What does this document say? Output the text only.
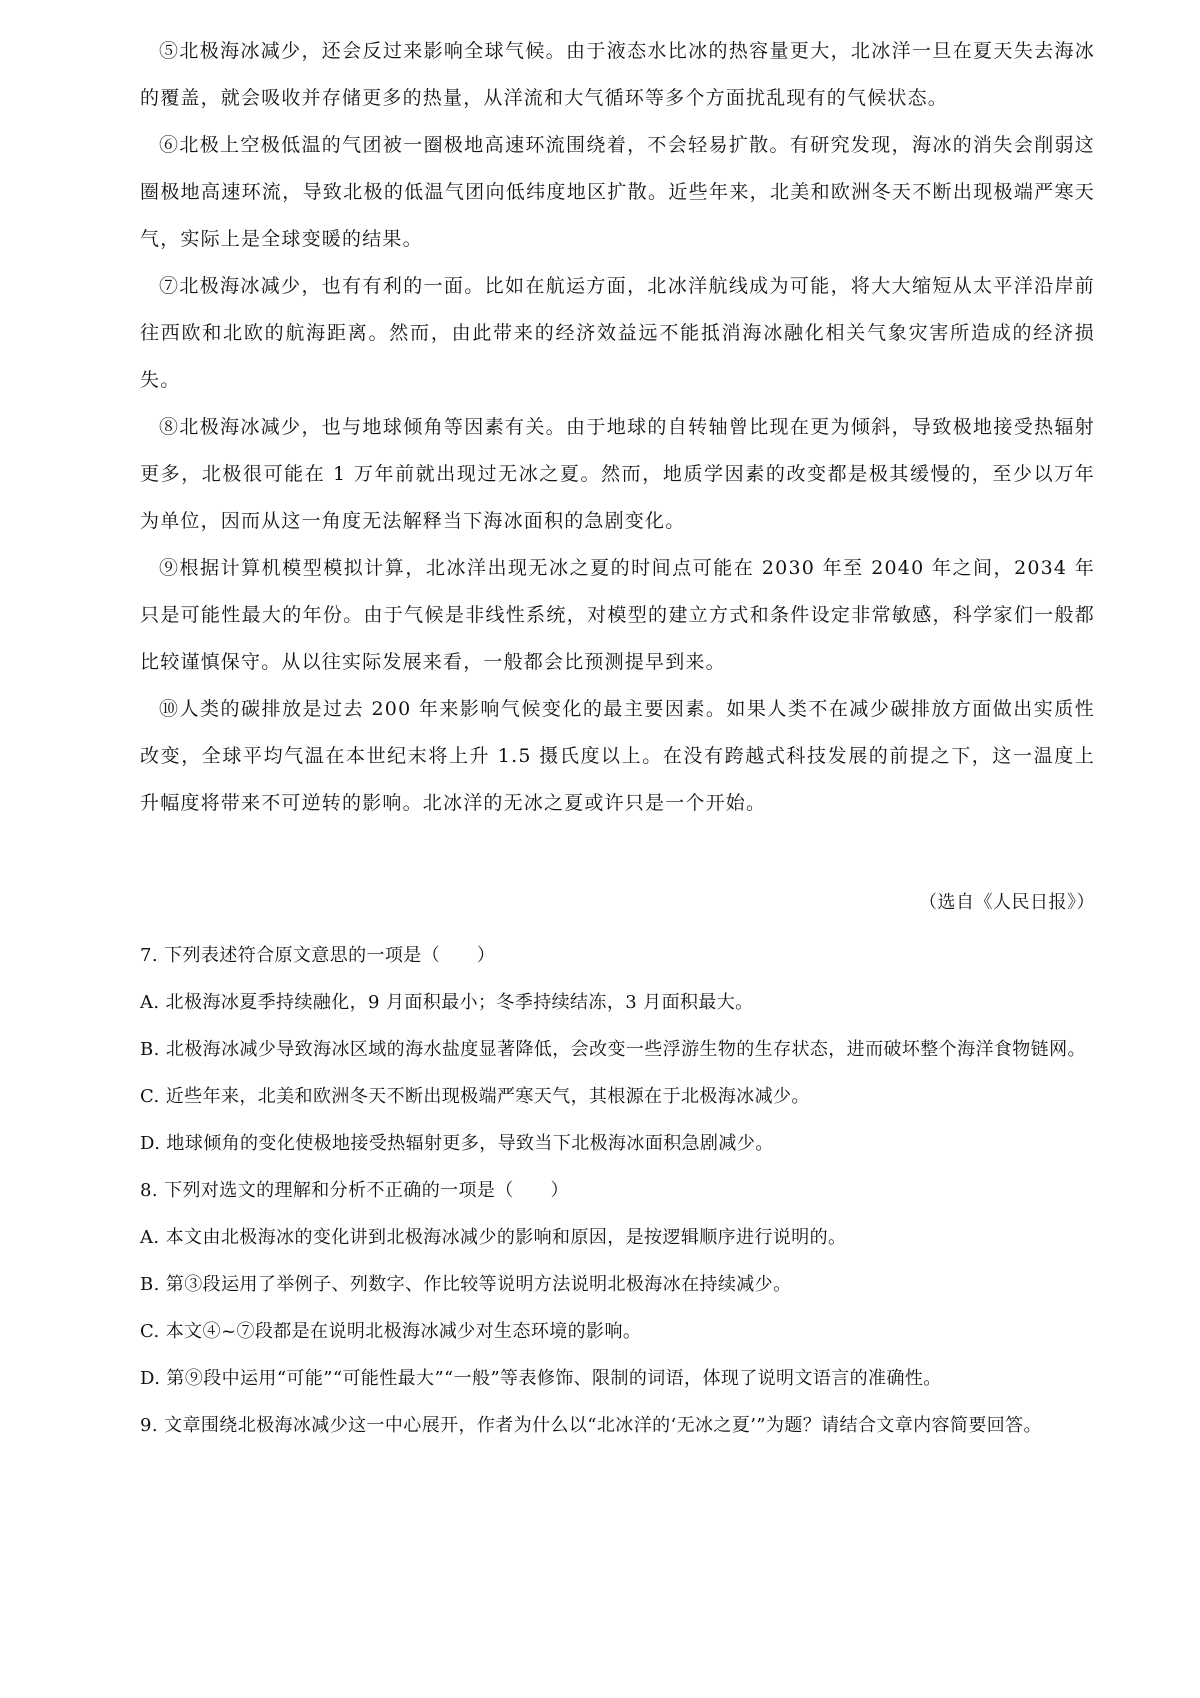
⑤北极海冰减少，还会反过来影响全球气候。由于液态水比冰的热容量更大，北冰洋一旦在夏天失去海冰的覆盖，就会吸收并存储更多的热量，从洋流和大气循环等多个方面扰乱现有的气候状态。

⑥北极上空极低温的气团被一圈极地高速环流围绕着，不会轻易扩散。有研究发现，海冰的消失会削弱这圈极地高速环流，导致北极的低温气团向低纬度地区扩散。近些年来，北美和欧洲冬天不断出现极端严寒天气，实际上是全球变暖的结果。

⑦北极海冰减少，也有有利的一面。比如在航运方面，北冰洋航线成为可能，将大大缩短从太平洋沿岸前往西欧和北欧的航海距离。然而，由此带来的经济效益远不能抵消海冰融化相关气象灾害所造成的经济损失。

⑧北极海冰减少，也与地球倾角等因素有关。由于地球的自转轴曾比现在更为倾斜，导致极地接受热辐射更多，北极很可能在 1 万年前就出现过无冰之夏。然而，地质学因素的改变都是极其缓慢的，至少以万年为单位，因而从这一角度无法解释当下海冰面积的急剧变化。

⑨根据计算机模型模拟计算，北冰洋出现无冰之夏的时间点可能在 2030 年至 2040 年之间，2034 年只是可能性最大的年份。由于气候是非线性系统，对模型的建立方式和条件设定非常敏感，科学家们一般都比较谨慎保守。从以往实际发展来看，一般都会比预测提早到来。

⑩人类的碳排放是过去 200 年来影响气候变化的最主要因素。如果人类不在减少碳排放方面做出实质性改变，全球平均气温在本世纪末将上升 1.5 摄氏度以上。在没有跨越式科技发展的前提之下，这一温度上升幅度将带来不可逆转的影响。北冰洋的无冰之夏或许只是一个开始。

（选自《人民日报》）

7. 下列表述符合原文意思的一项是（　　）

A. 北极海冰夏季持续融化，9 月面积最小；冬季持续结冻，3 月面积最大。

B. 北极海冰减少导致海冰区域的海水盐度显著降低，会改变一些浮游生物的生存状态，进而破坏整个海洋食物链网。

C. 近些年来，北美和欧洲冬天不断出现极端严寒天气，其根源在于北极海冰减少。

D. 地球倾角的变化使极地接受热辐射更多，导致当下北极海冰面积急剧减少。

8. 下列对选文的理解和分析不正确的一项是（　　）

A. 本文由北极海冰的变化讲到北极海冰减少的影响和原因，是按逻辑顺序进行说明的。

B. 第③段运用了举例子、列数字、作比较等说明方法说明北极海冰在持续减少。

C. 本文④~⑦段都是在说明北极海冰减少对生态环境的影响。

D. 第⑨段中运用“可能”“可能性最大”“一般”等表修饰、限制的词语，体现了说明文语言的准确性。

9. 文章围绕北极海冰减少这一中心展开，作者为什么以“北冰洋的‘无冰之夏’”为题？请结合文章内容简要回答。
